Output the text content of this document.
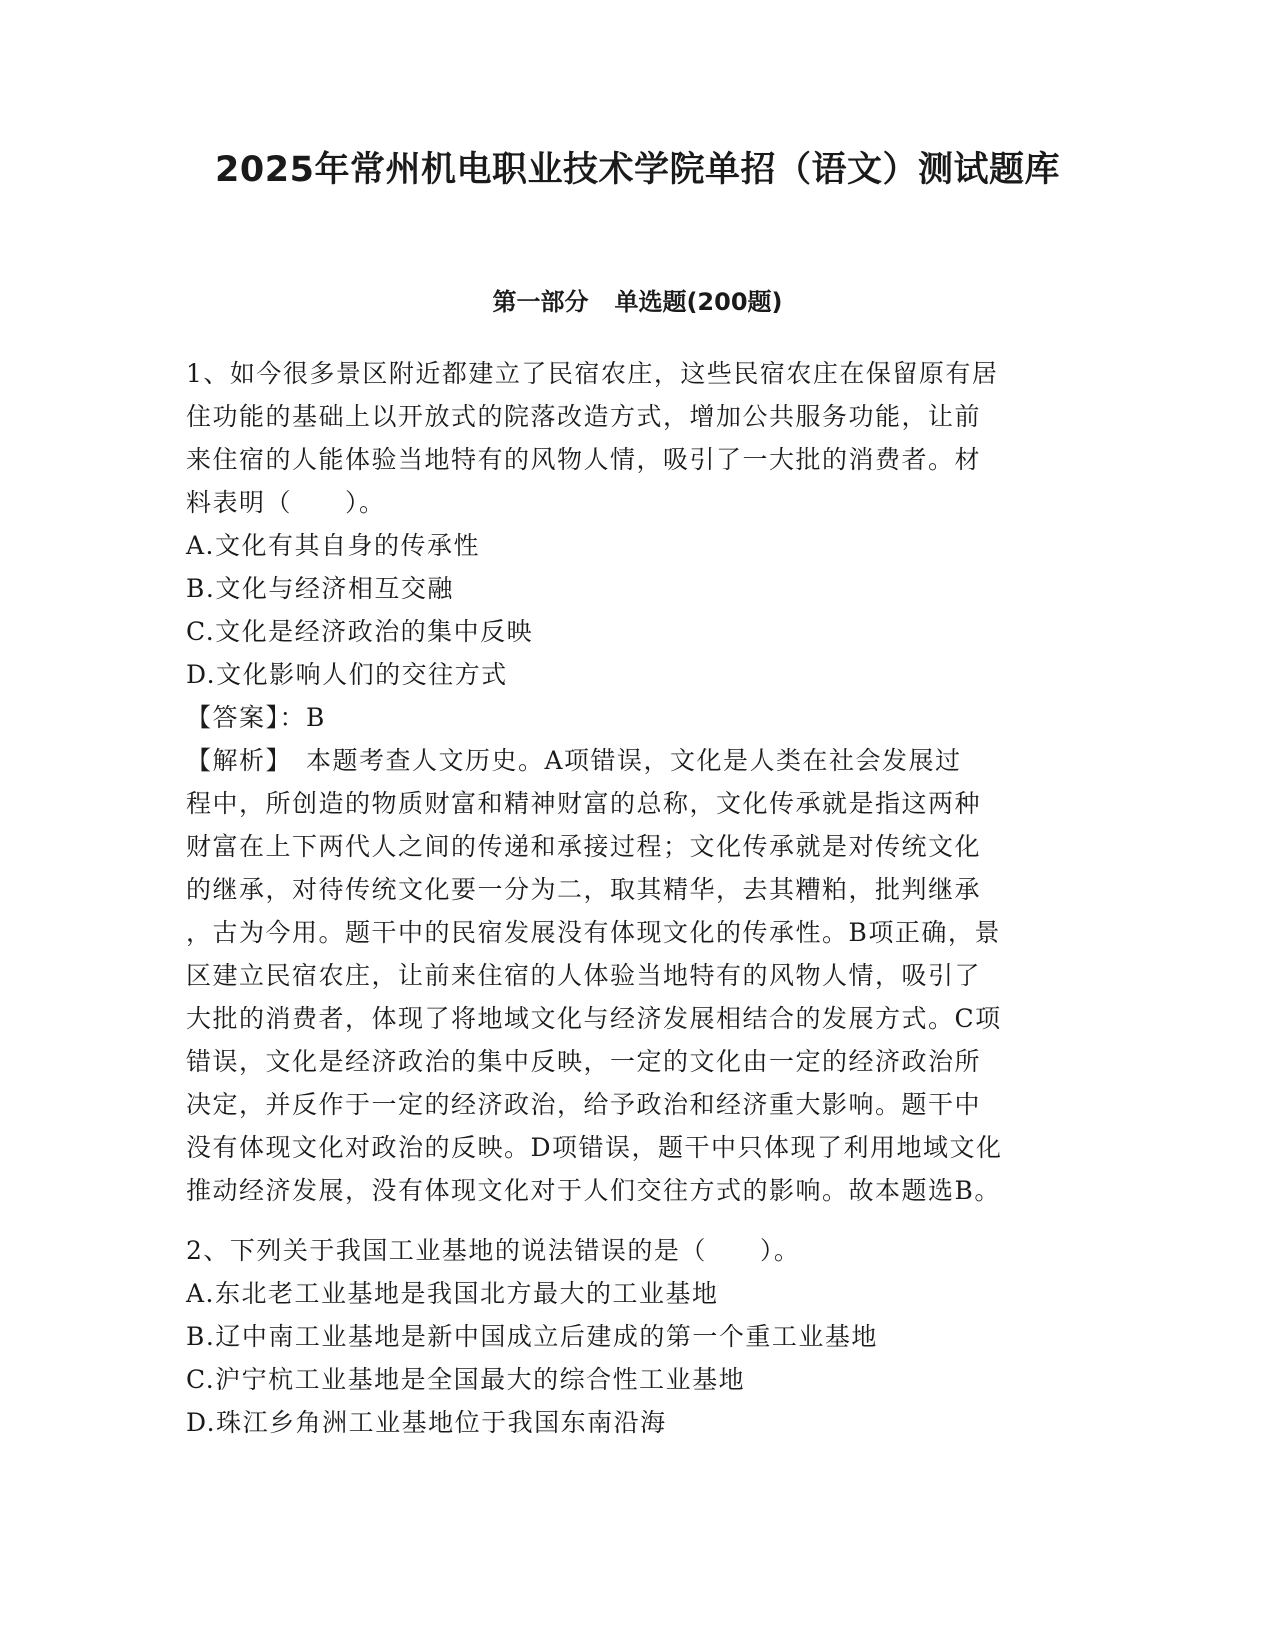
2025年常州机电职业技术学院单招（语文）测试题库
第一部分 单选题(200题)
1、如今很多景区附近都建立了民宿农庄，这些民宿农庄在保留原有居
住功能的基础上以开放式的院落改造方式，增加公共服务功能，让前
来住宿的人能体验当地特有的风物人情，吸引了一大批的消费者。材
料表明（　　）。
A.文化有其自身的传承性
B.文化与经济相互交融
C.文化是经济政治的集中反映
D.文化影响人们的交往方式
【答案】：B
【解析】　本题考查人文历史。A项错误，文化是人类在社会发展过
程中，所创造的物质财富和精神财富的总称，文化传承就是指这两种
财富在上下两代人之间的传递和承接过程；文化传承就是对传统文化
的继承，对待传统文化要一分为二，取其精华，去其糟粕，批判继承
，古为今用。题干中的民宿发展没有体现文化的传承性。B项正确，景
区建立民宿农庄，让前来住宿的人体验当地特有的风物人情，吸引了
大批的消费者，体现了将地域文化与经济发展相结合的发展方式。C项
错误，文化是经济政治的集中反映，一定的文化由一定的经济政治所
决定，并反作于一定的经济政治，给予政治和经济重大影响。题干中
没有体现文化对政治的反映。D项错误，题干中只体现了利用地域文化
推动经济发展，没有体现文化对于人们交往方式的影响。故本题选B。
2、下列关于我国工业基地的说法错误的是（　　）。
A.东北老工业基地是我国北方最大的工业基地
B.辽中南工业基地是新中国成立后建成的第一个重工业基地
C.沪宁杭工业基地是全国最大的综合性工业基地
D.珠江乡角洲工业基地位于我国东南沿海
